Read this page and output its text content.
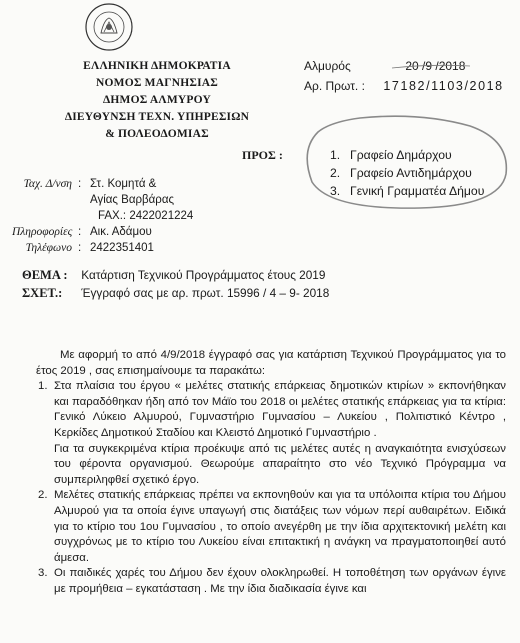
ΕΛΛΗΝΙΚΗ ΔΗΜΟΚΡΑΤΙΑ
ΝΟΜΟΣ ΜΑΓΝΗΣΙΑΣ
ΔΗΜΟΣ ΑΛΜΥΡΟΥ
ΔΙΕΥΘΥΝΣΗ ΤΕΧΝ. ΥΠΗΡΕΣΙΩΝ
& ΠΟΛΕΟΔΟΜΙΑΣ
Αλμυρός	20 /9 /2018
Αρ. Πρωτ. : 17182/1103/2018
ΠΡΟΣ :	1. Γραφείο Δημάρχου
2. Γραφείο Αντιδημάρχου
3. Γενική Γραμματέα Δήμου
Ταχ. Δ/νση : Στ. Κομητά &
Αγίας Βαρβάρας
FAX.: 2422021224
Πληροφορίες : Αικ. Αδάμου
Τηλέφωνο : 2422351401
ΘΕΜΑ : Κατάρτιση Τεχνικού Προγράμματος έτους 2019
ΣΧΕΤ.: Έγγραφό σας με αρ. πρωτ. 15996 / 4 – 9- 2018

Με αφορμή το από 4/9/2018 έγγραφό σας για κατάρτιση Τεχνικού Προγράμματος για το έτος 2019 , σας επισημαίνουμε τα παρακάτω:

1. Στα πλαίσια του έργου « μελέτες στατικής επάρκειας δημοτικών κτιρίων » εκπονήθηκαν και παραδόθηκαν ήδη από τον Μάϊο του 2018 οι μελέτες στατικής επάρκειας για τα κτίρια: Γενικό Λύκειο Αλμυρού, Γυμναστήριο Γυμνασίου – Λυκείου , Πολιτιστικό Κέντρο , Κερκίδες Δημοτικού Σταδίου και Κλειστό Δημοτικό Γυμναστήριο .

Για τα συγκεκριμένα κτίρια προέκυψε από τις μελέτες αυτές η αναγκαιότητα ενισχύσεων του φέροντα οργανισμού. Θεωρούμε απαραίτητο στο νέο Τεχνικό Πρόγραμμα να συμπεριληφθεί σχετικό έργο.

2. Μελέτες στατικής επάρκειας πρέπει να εκπονηθούν και για τα υπόλοιπα κτίρια του Δήμου Αλμυρού για τα οποία έγινε υπαγωγή στις διατάξεις των νόμων περί αυθαιρέτων. Ειδικά για το κτίριο του 1ου Γυμνασίου , το οποίο ανεγέρθη με την ίδια αρχιτεκτονική μελέτη και συγχρόνως με το κτίριο του Λυκείου είναι επιτακτική η ανάγκη να πραγματοποιηθεί αυτό άμεσα.

3. Οι παιδικές χαρές του Δήμου δεν έχουν ολοκληρωθεί. Η τοποθέτηση των οργάνων έγινε με προμήθεια – εγκατάσταση . Με την ίδια διαδικασία έγινε και
